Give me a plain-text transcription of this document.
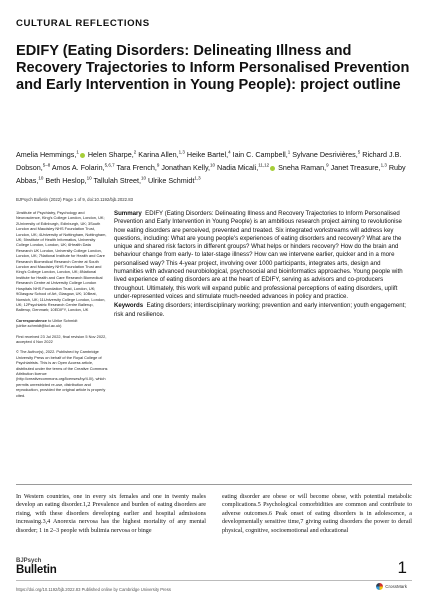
CULTURAL REFLECTIONS
EDIFY (Eating Disorders: Delineating Illness and Recovery Trajectories to Inform Personalised Prevention and Early Intervention in Young People): project outline
Amelia Hemmings,$^1$ Helen Sharpe,$^2$ Karina Allen,$^{1,3}$ Heike Bartel,$^4$ Iain C. Campbell,$^1$ Sylvane Desrivières,$^5$ Richard J.B. Dobson,$^{5-8}$ Amos A. Folarin,$^{5,6,7}$ Tara French,$^9$ Jonathan Kelly,$^{10}$ Nadia Micali,$^{11,12}$ Sneha Raman,$^9$ Janet Treasure,$^{1,3}$ Ruby Abbas,$^{10}$ Beth Heslop,$^{10}$ Tallulah Street,$^{10}$ Ulrike Schmidt$^{1,3}$
BJPsych Bulletin (2022) Page 1 of 9, doi:10.1192/bjb.2022.83

1Institute of Psychiatry, Psychology and Neuroscience, King's College London, London, UK; 2University of Edinburgh, Edinburgh, UK; 3South London and Maudsley NHS Foundation Trust, London, UK; 4University of Nottingham, Nottingham, UK; 5Institute of Health Informatics, University College London, London, UK; 6Health Data Research UK London, University College London, London, UK; 7National Institute for Health and Care Research Biomedical Research Centre at South London and Maudsley NHS Foundation Trust and King's College London, London, UK; 8National Institute for Health and Care Research Biomedical Research Centre at University College London Hospitals NHS Foundation Trust, London, UK; 9Glasgow School of Art, Glasgow, UK; 10Beat, Norwich, UK; 11University College London, London, UK; 12Psychiatric Research Centre Ballerup, Ballerup, Denmark; 10EDIFY, London, UK

Correspondence to Ulrike Schmidt (ulrike.schmidt@kcl.ac.uk)

First received 23 Jul 2022, final revision 5 Nov 2022, accepted 4 Nov 2022

© The Author(s), 2022. Published by Cambridge University Press on behalf of the Royal College of Psychiatrists. This is an Open Access article, distributed under the terms of the Creative Commons Attribution licence (http://creativecommons.org/licenses/by/4.0/), which permits unrestricted re-use, distribution and reproduction, provided the original article is properly cited.

Summary EDIFY (Eating Disorders: Delineating Illness and Recovery Trajectories to Inform Personalised Prevention and Early Intervention in Young People) is an ambitious research project aiming to revolutionise how eating disorders are perceived, prevented and treated. Six integrated workstreams will address key questions, including: What are young people's experiences of eating disorders and recovery? What are the unique and shared risk factors in different groups? What helps or hinders recovery? How do the brain and behaviour change from early- to later-stage illness? How can we intervene earlier, quicker and in a more personalised way? This 4-year project, involving over 1000 participants, integrates arts, design and humanities with advanced neurobiological, psychosocial and bioinformatics approaches. Young people with lived experience of eating disorders are at the heart of EDIFY, serving as advisors and co-producers throughout. Ultimately, this work will expand public and professional perceptions of eating disorders, uplift under-represented voices and stimulate much-needed advances in policy and practice.

Keywords Eating disorders; interdisciplinary working; prevention and early intervention; youth engagement; risk and resilience.

In Western countries, one in every six females and one in twenty males develop an eating disorder.1,2 Prevalence and burden of eating disorders are rising, with these disorders developing earlier and hospital admissions increasing.3,4 Anorexia nervosa has the highest mortality of any mental disorder; 1 in 2–3 people with bulimia nervosa or binge
eating disorder are obese or will become obese, with potential metabolic complications.5 Psychological comorbidities are common and contribute to adverse outcomes.6 Peak onset of eating disorders is in adolescence, a developmentally sensitive time,7 giving eating disorders the power to derail physical, cognitive, socioemotional and educational
BJPsych
Bulletin	1
https://doi.org/10.1192/bjb.2022.83 Published online by Cambridge University Press
CrossMark
